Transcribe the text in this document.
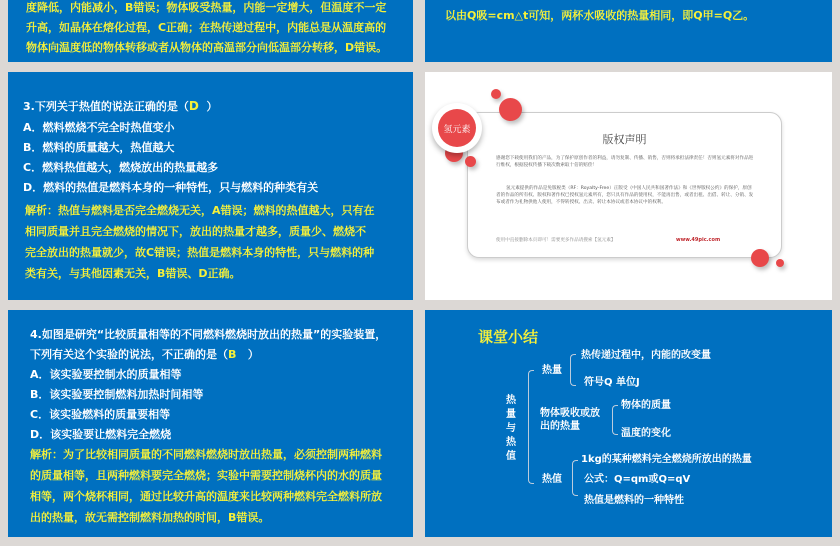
度降低，内能减小，B错误；物体吸受热量，内能一定增大，但温度不一定
升高，如晶体在熔化过程，C正确；在热传递过程中，内能总是从温度高的
物体向温度低的物体转移或者从物体的高温部分向低温部分转移，D错误。
以由Q吸=cm△t可知，两杯水吸收的热量相同，即Q甲=Q乙。
3.下列关于热值的说法正确的是（D ）
A．燃料燃烧不完全时热值变小
B．燃料的质量越大，热值越大
C．燃料热值越大，燃烧放出的热量越多
D．燃料的热值是燃料本身的一种特性，只与燃料的种类有关
解析：热值与燃料是否完全燃烧无关，A错误；燃料的热值越大，只有在
相同质量并且完全燃烧的情况下，放出的热量才越多，质量少、燃烧不
完全放出的热量就少，故C错误；热值是燃料本身的特性，只与燃料的种
类有关，与其他因素无关，B错误、D正确。
版权声明
感谢您下载使用我们的产品，为了保护原创作者的利益，请勿复制、传播、销售，否则将承担法律责任！否则氢元素将对作品进行维权，根据侵权传播下载次数索取十倍的赔偿！
氢元素提供的作品是免版税类（RF：Royalty-Free）正版受《中国人民共和国著作法》和《世界版权公约》的保护，原创者的作品的所有权、版权和著作权已授权氢元素所有，您只具有作品的使用权，不能再出售，或者出租、出借、转让、分销、发布或者作为礼物供他人使用，不得转授权、出卖、转让本协议或者本协议中的权利。
使用中直接删除本页即可！需要更多作品请搜索【氢元素】	www.49pic.com
氢元素
4.如图是研究“比较质量相等的不同燃料燃烧时放出的热量”的实验装置，
下列有关这个实验的说法，不正确的是（B ）
A．该实验要控制水的质量相等
B．该实验要控制燃料加热时间相等
C．该实验燃料的质量要相等
D．该实验要让燃料完全燃烧
解析：为了比较相同质量的不同燃料燃烧时放出热量，必须控制两种燃料
的质量相等，且两种燃料要完全燃烧；实验中需要控制烧杯内的水的质量
相等，两个烧杯相同，通过比较升高的温度来比较两种燃料完全燃料所放
出的热量，故无需控制燃料加热的时间，B错误。
课堂小结
热
量
与
热
值
热量
热传递过程中，内能的改变量
符号Q 单位J
物体吸收或放
出的热量
物体的质量
温度的变化
热值
1kg的某种燃料完全燃烧所放出的热量
公式：Q=qm或Q=qV
热值是燃料的一种特性
